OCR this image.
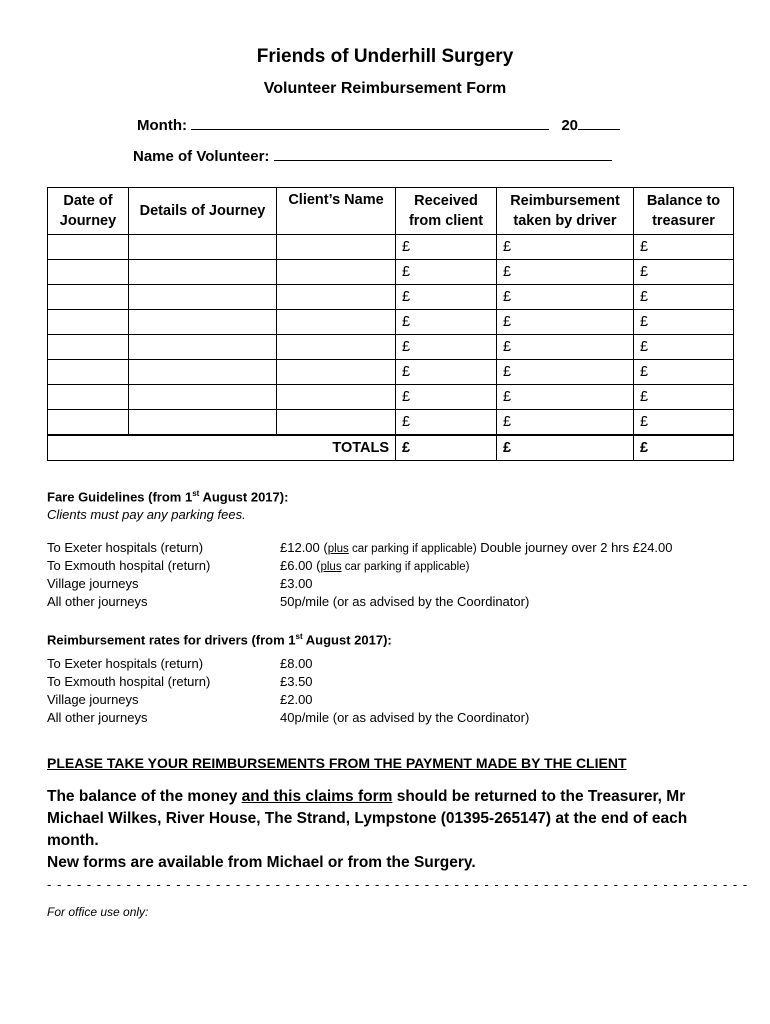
Friends of Underhill Surgery
Volunteer Reimbursement Form
Month:	20
Name of Volunteer:
Date of Journey	Details of Journey	Client’s Name	Received from client	Reimbursement taken by driver	Balance to treasurer
			£	£	£
			£	£	£
			£	£	£
			£	£	£
			£	£	£
			£	£	£
			£	£	£
			£	£	£
TOTALS			£	£	£
Fare Guidelines (from 1st August 2017):
Clients must pay any parking fees.
To Exeter hospitals (return)	£12.00 (plus car parking if applicable) Double journey over 2 hrs £24.00
To Exmouth hospital (return)	£6.00 (plus car parking if applicable)
Village journeys	£3.00
All other journeys	50p/mile (or as advised by the Coordinator)
Reimbursement rates for drivers (from 1st August 2017):
To Exeter hospitals (return)	£8.00
To Exmouth hospital (return)	£3.50
Village journeys	£2.00
All other journeys	40p/mile (or as advised by the Coordinator)
PLEASE TAKE YOUR REIMBURSEMENTS FROM THE PAYMENT MADE BY THE CLIENT
The balance of the money and this claims form should be returned to the Treasurer, Mr Michael Wilkes, River House, The Strand, Lympstone (01395-265147) at the end of each month.
New forms are available from Michael or from the Surgery.
- - - - - - - - - - - - - - - - - - - - - - - - - - - - - - - - - - - - - - - - - - - - - - - - - - - - - - - - - - - - - - - - - - - - - - -
For office use only:
